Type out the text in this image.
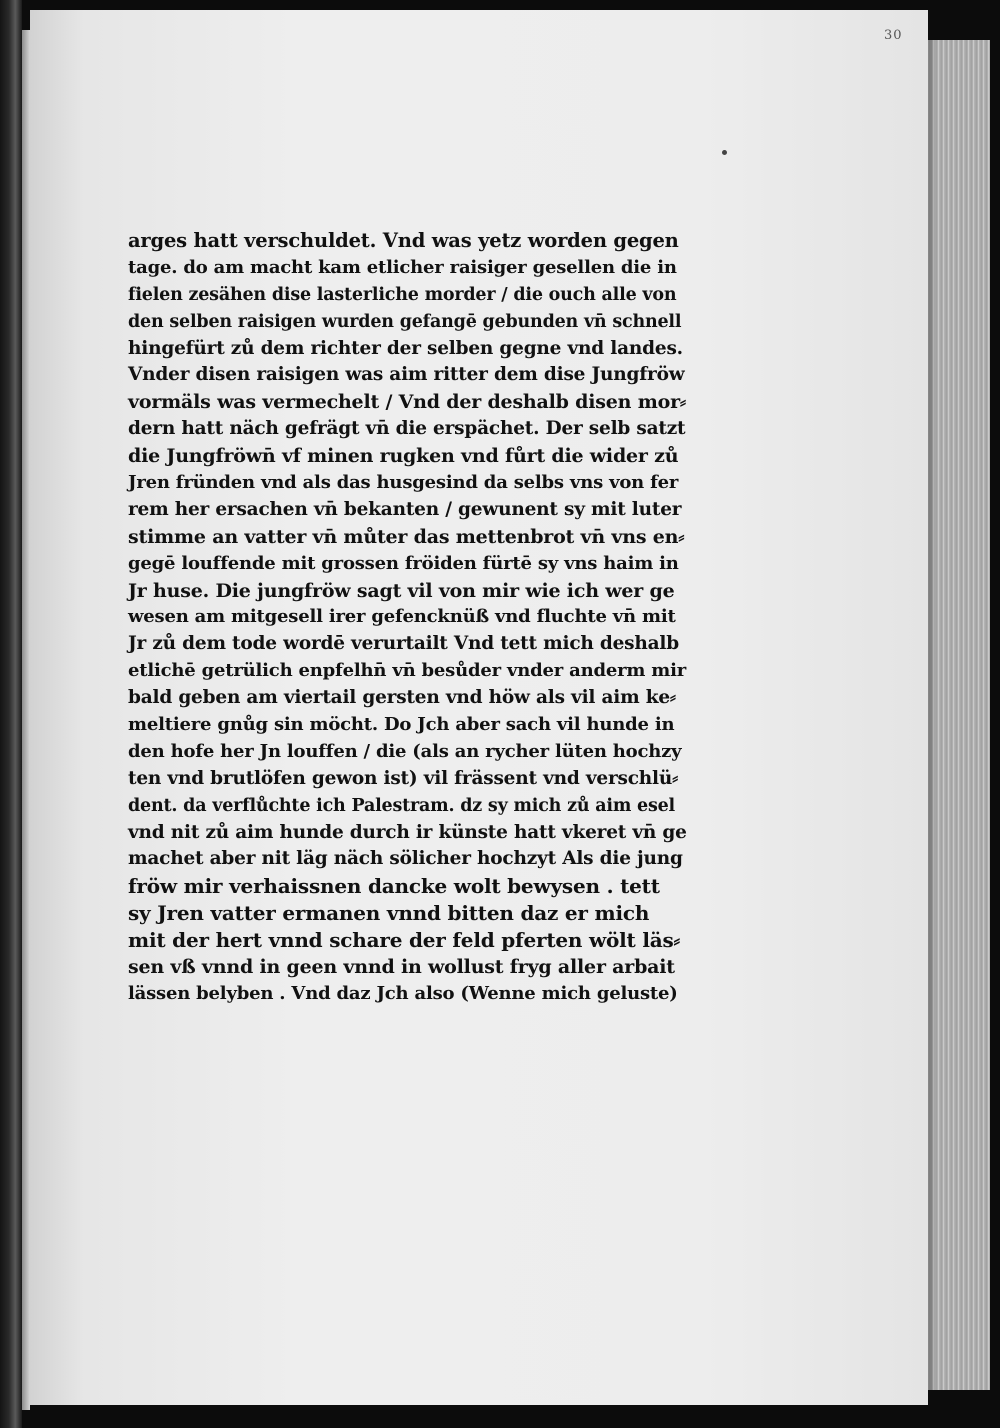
30
arges hatt verschuldet. Vnd was yetz worden gegen
tage. do am macht kam etlicher raisiger gesellen die in
fielen zesähen dise lasterliche morder / die ouch alle von
den selben raisigen wurden gefangē gebunden vn̄ schnell
hingefürt zů dem richter der selben gegne vnd landes.
Vnder disen raisigen was aim ritter dem dise Jungfröw
vormäls was vermechelt / Vnd der deshalb disen mor⸗
dern hatt näch gefrägt vn̄ die erspächet. Der selb satzt
die Jungfröwn̄ vf minen rugken vnd fůrt die wider zů
Jren fründen vnd als das husgesind da selbs vns von fer
rem her ersachen vn̄ bekanten / gewunent sy mit luter
stimme an vatter vn̄ můter das mettenbrot vn̄ vns en⸗
gegē louffende mit grossen fröiden fürtē sy vns haim in
Jr huse. Die jungfröw sagt vil von mir wie ich wer ge
wesen am mitgesell irer gefencknüß vnd fluchte vn̄ mit
Jr zů dem tode wordē verurtailt Vnd tett mich deshalb
etlichē getrülich enpfelhn̄ vn̄ besůder vnder anderm mir
bald geben am viertail gersten vnd höw als vil aim ke⸗
meltiere gnůg sin möcht. Do Jch aber sach vil hunde in
den hofe her Jn louffen / die (als an rycher lüten hochzy
ten vnd brutlöfen gewon ist) vil frässent vnd verschlü⸗
dent. da verflůchte ich Palestram. dz sy mich zů aim esel
vnd nit zů aim hunde durch ir künste hatt vkeret vn̄ ge
machet aber nit läg näch sölicher hochzyt Als die jung
fröw mir verhaissnen dancke wolt bewysen . tett
sy Jren vatter ermanen vnnd bitten daz er mich
mit der hert vnnd schare der feld pferten wölt läs⸗
sen vß vnnd in geen vnnd in wollust fryg aller arbait
lässen belyben . Vnd daz Jch also (Wenne mich geluste)
